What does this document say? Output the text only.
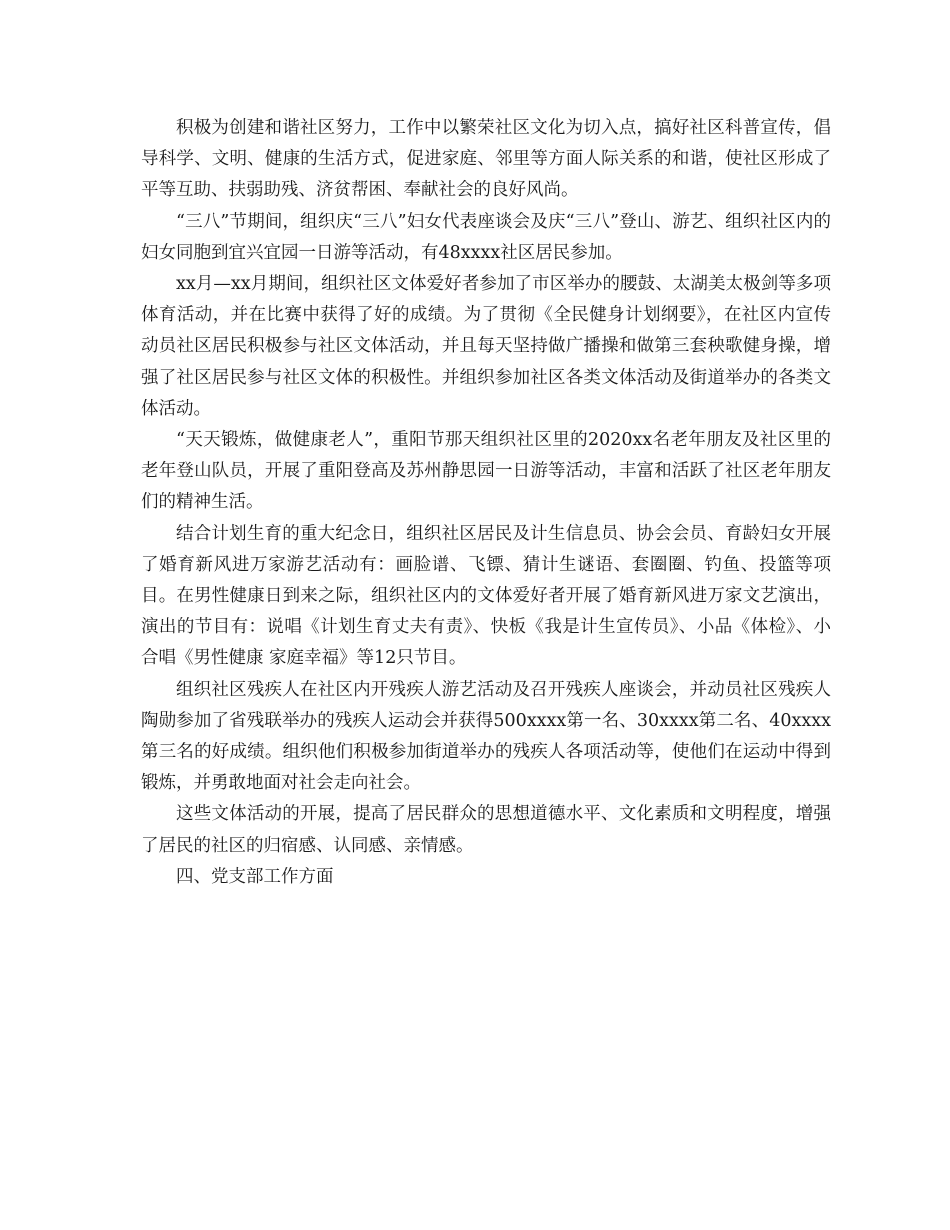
积极为创建和谐社区努力，工作中以繁荣社区文化为切入点，搞好社区科普宣传，倡导科学、文明、健康的生活方式，促进家庭、邻里等方面人际关系的和谐，使社区形成了平等互助、扶弱助残、济贫帮困、奉献社会的良好风尚。

“三八”节期间，组织庆“三八”妇女代表座谈会及庆“三八”登山、游艺、组织社区内的妇女同胞到宜兴宜园一日游等活动，有48xxxx社区居民参加。

xx月—xx月期间，组织社区文体爱好者参加了市区举办的腰鼓、太湖美太极剑等多项体育活动，并在比赛中获得了好的成绩。为了贯彻《全民健身计划纲要》，在社区内宣传动员社区居民积极参与社区文体活动，并且每天坚持做广播操和做第三套秧歌健身操，增强了社区居民参与社区文体的积极性。并组织参加社区各类文体活动及街道举办的各类文体活动。

“天天锻炼，做健康老人”，重阳节那天组织社区里的2020xx名老年朋友及社区里的老年登山队员，开展了重阳登高及苏州静思园一日游等活动，丰富和活跃了社区老年朋友们的精神生活。

结合计划生育的重大纪念日，组织社区居民及计生信息员、协会会员、育龄妇女开展了婚育新风进万家游艺活动有：画脸谱、飞镖、猜计生谜语、套圈圈、钓鱼、投篮等项目。在男性健康日到来之际，组织社区内的文体爱好者开展了婚育新风进万家文艺演出，演出的节目有：说唱《计划生育丈夫有责》、快板《我是计生宣传员》、小品《体检》、小合唱《男性健康 家庭幸福》等12只节目。

组织社区残疾人在社区内开残疾人游艺活动及召开残疾人座谈会，并动员社区残疾人陶勋参加了省残联举办的残疾人运动会并获得500xxxx第一名、30xxxx第二名、40xxxx第三名的好成绩。组织他们积极参加街道举办的残疾人各项活动等，使他们在运动中得到锻炼，并勇敢地面对社会走向社会。

这些文体活动的开展，提高了居民群众的思想道德水平、文化素质和文明程度，增强了居民的社区的归宿感、认同感、亲情感。

四、党支部工作方面
